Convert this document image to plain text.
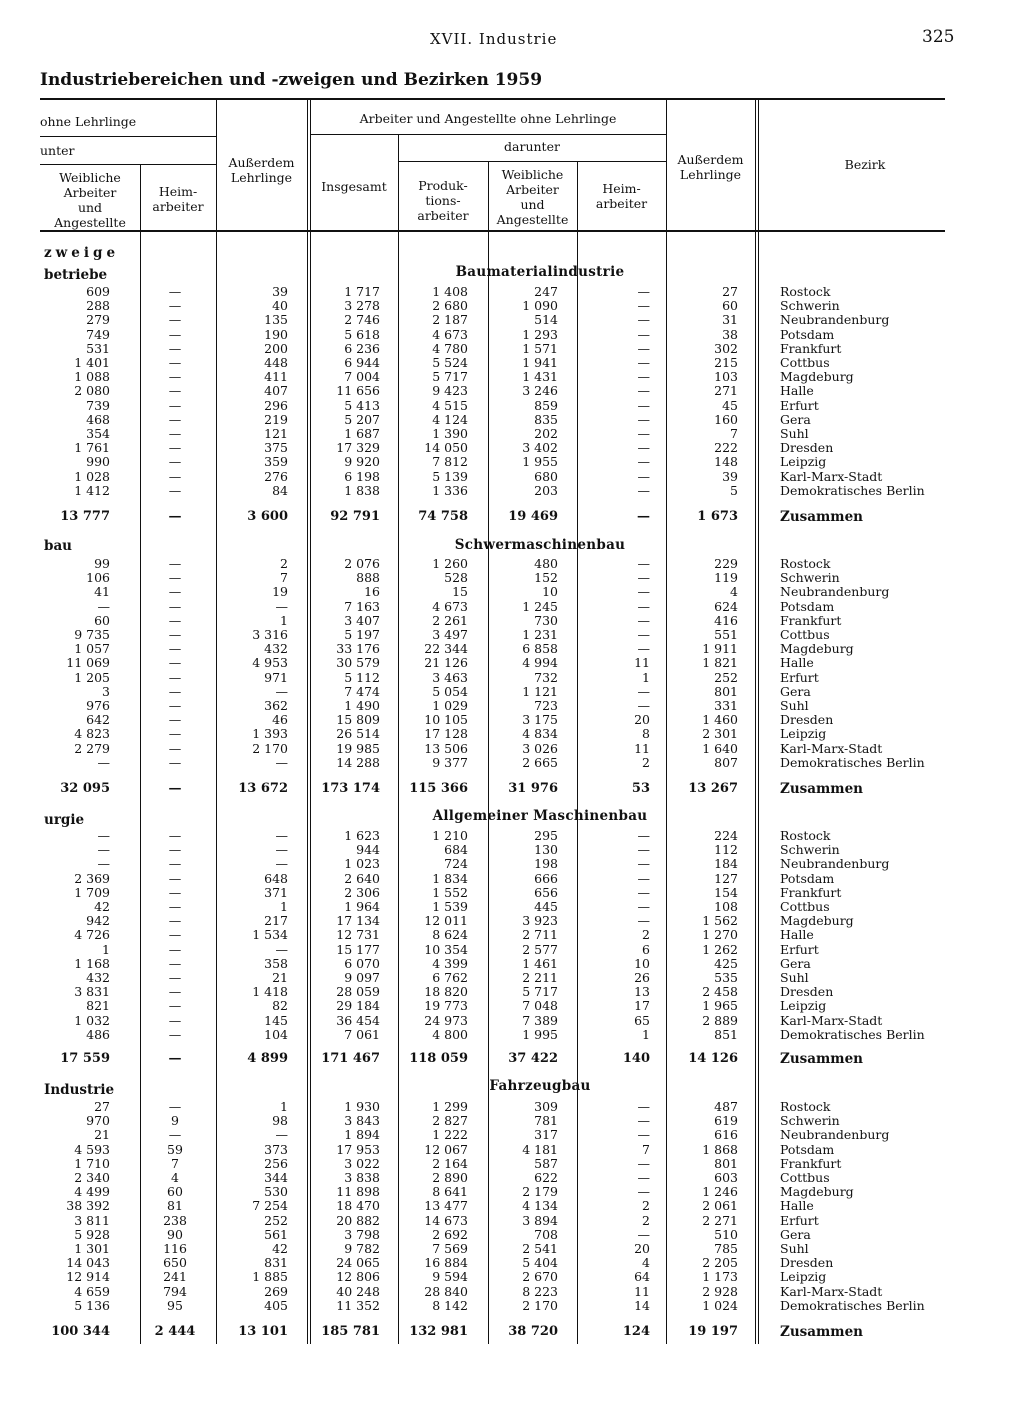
XVII. Industrie	325
Industriebereichen und -zweigen und Bezirken 1959
ohne Lehrlinge
unter
Weibliche
Arbeiter
und
Angestellte
Heim-
arbeiter
Außerdem
Lehrlinge
Arbeiter und Angestellte ohne Lehrlinge
darunter
Insgesamt	Produk-
tions-
arbeiter
Weibliche
Arbeiter
und
Angestellte
Heim-
arbeiter
Außerdem
Lehrlinge
Bezirk
zweige
betriebe	Baumaterialindustrie
609	—	39	1 717	1 408	247	—	27	Rostock
288	—	40	3 278	2 680	1 090	—	60	Schwerin
279	—	135	2 746	2 187	514	—	31	Neubrandenburg
749	—	190	5 618	4 673	1 293	—	38	Potsdam
531	—	200	6 236	4 780	1 571	—	302	Frankfurt
1 401	—	448	6 944	5 524	1 941	—	215	Cottbus
1 088	—	411	7 004	5 717	1 431	—	103	Magdeburg
2 080	—	407	11 656	9 423	3 246	—	271	Halle
739	—	296	5 413	4 515	859	—	45	Erfurt
468	—	219	5 207	4 124	835	—	160	Gera
354	—	121	1 687	1 390	202	—	7	Suhl
1 761	—	375	17 329	14 050	3 402	—	222	Dresden
990	—	359	9 920	7 812	1 955	—	148	Leipzig
1 028	—	276	6 198	5 139	680	—	39	Karl-Marx-Stadt
1 412	—	84	1 838	1 336	203	—	5	Demokratisches Berlin
13 777	—	3 600	92 791	74 758	19 469	—	1 673	Zusammen
bau	Schwermaschinenbau
99	—	2	2 076	1 260	480	—	229	Rostock
106	—	7	888	528	152	—	119	Schwerin
41	—	19	16	15	10	—	4	Neubrandenburg
—	—	—	7 163	4 673	1 245	—	624	Potsdam
60	—	1	3 407	2 261	730	—	416	Frankfurt
9 735	—	3 316	5 197	3 497	1 231	—	551	Cottbus
1 057	—	432	33 176	22 344	6 858	—	1 911	Magdeburg
11 069	—	4 953	30 579	21 126	4 994	11	1 821	Halle
1 205	—	971	5 112	3 463	732	1	252	Erfurt
3	—	—	7 474	5 054	1 121	—	801	Gera
976	—	362	1 490	1 029	723	—	331	Suhl
642	—	46	15 809	10 105	3 175	20	1 460	Dresden
4 823	—	1 393	26 514	17 128	4 834	8	2 301	Leipzig
2 279	—	2 170	19 985	13 506	3 026	11	1 640	Karl-Marx-Stadt
—	—	—	14 288	9 377	2 665	2	807	Demokratisches Berlin
32 095	—	13 672	173 174	115 366	31 976	53	13 267	Zusammen
urgie	Allgemeiner Maschinenbau
—	—	—	1 623	1 210	295	—	224	Rostock
—	—	—	944	684	130	—	112	Schwerin
—	—	—	1 023	724	198	—	184	Neubrandenburg
2 369	—	648	2 640	1 834	666	—	127	Potsdam
1 709	—	371	2 306	1 552	656	—	154	Frankfurt
42	—	1	1 964	1 539	445	—	108	Cottbus
942	—	217	17 134	12 011	3 923	—	1 562	Magdeburg
4 726	—	1 534	12 731	8 624	2 711	2	1 270	Halle
1	—	—	15 177	10 354	2 577	6	1 262	Erfurt
1 168	—	358	6 070	4 399	1 461	10	425	Gera
432	—	21	9 097	6 762	2 211	26	535	Suhl
3 831	—	1 418	28 059	18 820	5 717	13	2 458	Dresden
821	—	82	29 184	19 773	7 048	17	1 965	Leipzig
1 032	—	145	36 454	24 973	7 389	65	2 889	Karl-Marx-Stadt
486	—	104	7 061	4 800	1 995	1	851	Demokratisches Berlin
17 559	—	4 899	171 467	118 059	37 422	140	14 126	Zusammen
Industrie	Fahrzeugbau
27	—	1	1 930	1 299	309	—	487	Rostock
970	9	98	3 843	2 827	781	—	619	Schwerin
21	—	—	1 894	1 222	317	—	616	Neubrandenburg
4 593	59	373	17 953	12 067	4 181	7	1 868	Potsdam
1 710	7	256	3 022	2 164	587	—	801	Frankfurt
2 340	4	344	3 838	2 890	622	—	603	Cottbus
4 499	60	530	11 898	8 641	2 179	—	1 246	Magdeburg
38 392	81	7 254	18 470	13 477	4 134	2	2 061	Halle
3 811	238	252	20 882	14 673	3 894	2	2 271	Erfurt
5 928	90	561	3 798	2 692	708	—	510	Gera
1 301	116	42	9 782	7 569	2 541	20	785	Suhl
14 043	650	831	24 065	16 884	5 404	4	2 205	Dresden
12 914	241	1 885	12 806	9 594	2 670	64	1 173	Leipzig
4 659	794	269	40 248	28 840	8 223	11	2 928	Karl-Marx-Stadt
5 136	95	405	11 352	8 142	2 170	14	1 024	Demokratisches Berlin
100 344	2 444	13 101	185 781	132 981	38 720	124	19 197	Zusammen
